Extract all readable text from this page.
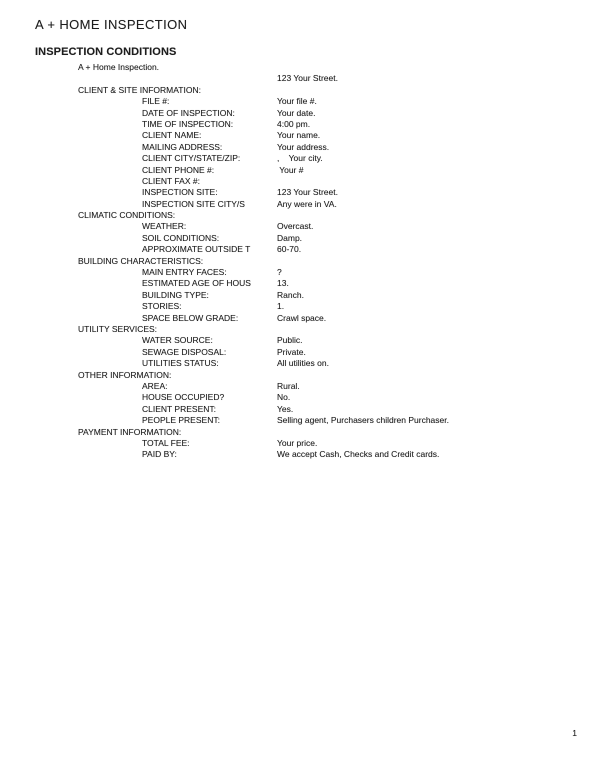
A + HOME INSPECTION
INSPECTION CONDITIONS
A + Home Inspection.
123 Your Street.
CLIENT & SITE INFORMATION:
FILE #:	Your file #.
DATE OF INSPECTION:	Your date.
TIME OF INSPECTION:	4:00 pm.
CLIENT NAME:	Your name.
MAILING ADDRESS:	Your address.
CLIENT CITY/STATE/ZIP:	,    Your city.
CLIENT PHONE #:	Your #
CLIENT FAX #:
INSPECTION SITE:	123 Your Street.
INSPECTION SITE CITY/S	Any were in VA.
CLIMATIC CONDITIONS:
WEATHER:	Overcast.
SOIL CONDITIONS:	Damp.
APPROXIMATE OUTSIDE T	60-70.
BUILDING CHARACTERISTICS:
MAIN ENTRY FACES:	?
ESTIMATED AGE OF HOUS	13.
BUILDING TYPE:	Ranch.
STORIES:	1.
SPACE BELOW GRADE:	Crawl space.
UTILITY SERVICES:
WATER SOURCE:	Public.
SEWAGE DISPOSAL:	Private.
UTILITIES STATUS:	All utilities on.
OTHER INFORMATION:
AREA:	Rural.
HOUSE OCCUPIED?	No.
CLIENT PRESENT:	Yes.
PEOPLE PRESENT:	Selling agent, Purchasers children Purchaser.
PAYMENT INFORMATION:
TOTAL FEE:	Your price.
PAID BY:	We accept Cash, Checks and Credit cards.
1
